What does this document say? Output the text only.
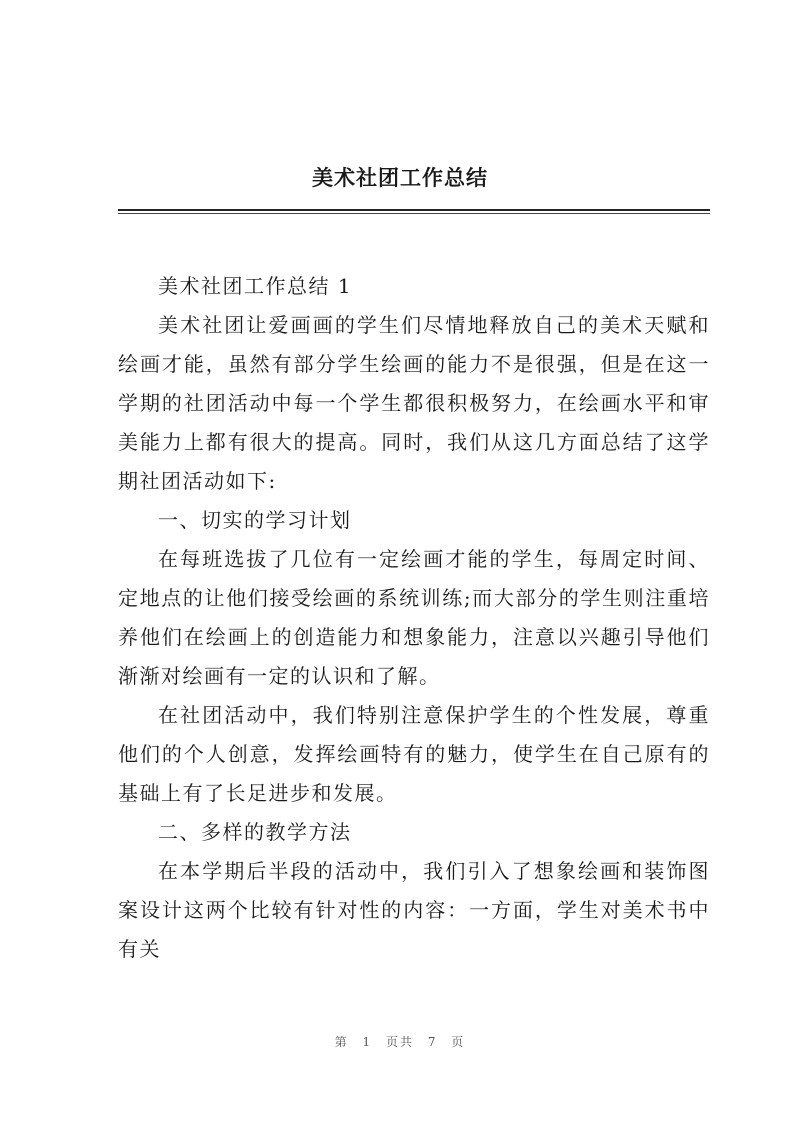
美术社团工作总结

美术社团工作总结 1

美术社团让爱画画的学生们尽情地释放自己的美术天赋和绘画才能，虽然有部分学生绘画的能力不是很强，但是在这一学期的社团活动中每一个学生都很积极努力，在绘画水平和审美能力上都有很大的提高。同时，我们从这几方面总结了这学期社团活动如下:

一、切实的学习计划

在每班选拔了几位有一定绘画才能的学生，每周定时间、定地点的让他们接受绘画的系统训练;而大部分的学生则注重培养他们在绘画上的创造能力和想象能力，注意以兴趣引导他们渐渐对绘画有一定的认识和了解。

在社团活动中，我们特别注意保护学生的个性发展，尊重他们的个人创意，发挥绘画特有的魅力，使学生在自己原有的基础上有了长足进步和发展。

二、多样的教学方法

在本学期后半段的活动中，我们引入了想象绘画和装饰图案设计这两个比较有针对性的内容：一方面，学生对美术书中有关

第 1 页共 7 页
